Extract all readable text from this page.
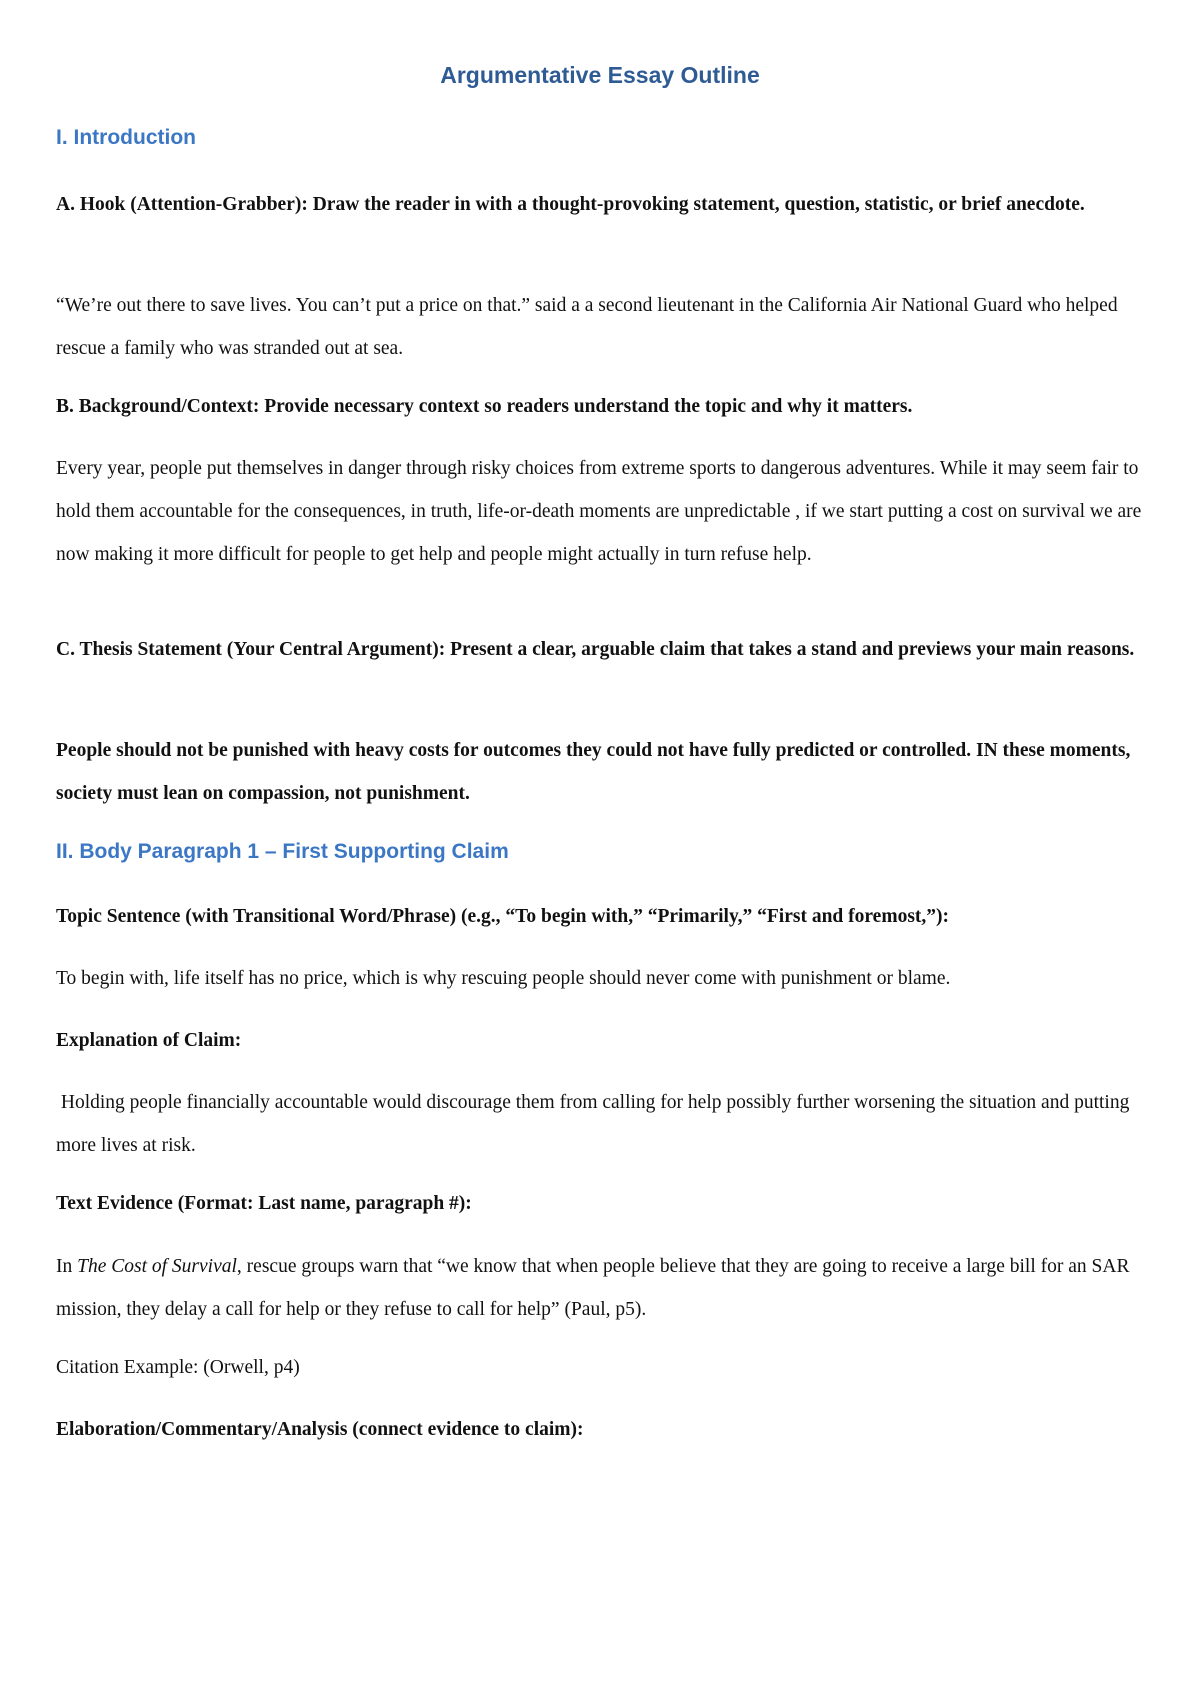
Argumentative Essay Outline
I. Introduction

A. Hook (Attention-Grabber): Draw the reader in with a thought-provoking statement, question, statistic, or brief anecdote.

“We’re out there to save lives. You can’t put a price on that.” said a a second lieutenant in the California Air National Guard who helped rescue a family who was stranded out at sea.

B. Background/Context: Provide necessary context so readers understand the topic and why it matters.

Every year, people put themselves in danger through risky choices from extreme sports to dangerous adventures. While it may seem fair to hold them accountable for the consequences, in truth, life-or-death moments are unpredictable , if we start putting a cost on survival we are now making it more difficult for people to get help and people might actually in turn refuse help.

C. Thesis Statement (Your Central Argument): Present a clear, arguable claim that takes a stand and previews your main reasons.

People should not be punished with heavy costs for outcomes they could not have fully predicted or controlled. IN these moments, society must lean on compassion, not punishment.

II. Body Paragraph 1 – First Supporting Claim

Topic Sentence (with Transitional Word/Phrase) (e.g., “To begin with,” “Primarily,” “First and foremost,”):

To begin with, life itself has no price, which is why rescuing people should never come with punishment or blame.

Explanation of Claim:

Holding people financially accountable would discourage them from calling for help possibly further worsening the situation and putting more lives at risk.

Text Evidence (Format: Last name, paragraph #):

In The Cost of Survival, rescue groups warn that “we know that when people believe that they are going to receive a large bill for an SAR mission, they delay a call for help or they refuse to call for help” (Paul, p5).

Citation Example: (Orwell, p4)

Elaboration/Commentary/Analysis (connect evidence to claim):
